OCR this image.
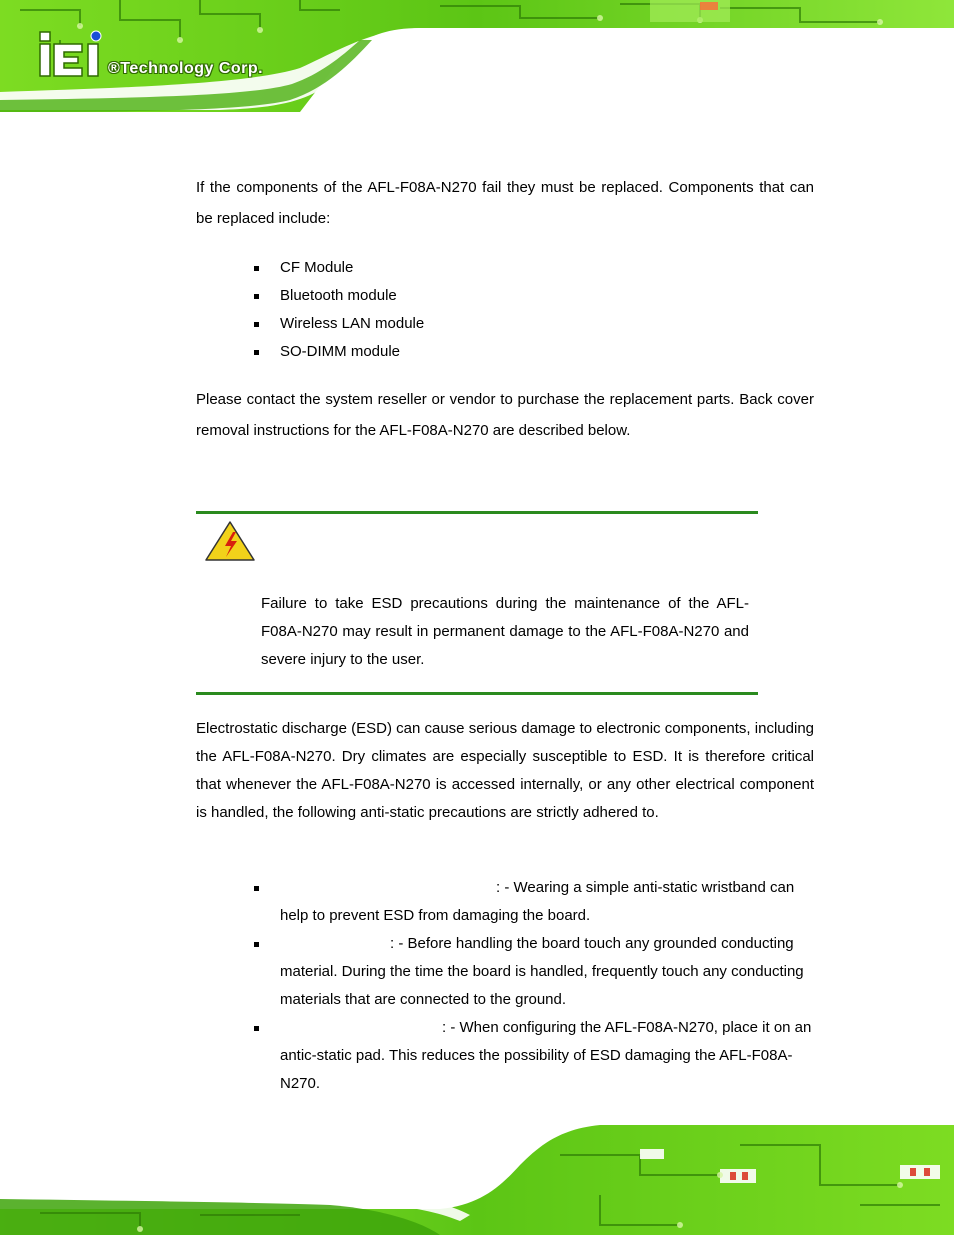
®Technology Corp.

If the components of the AFL-F08A-N270 fail they must be replaced. Components that can be replaced include:

CF Module
Bluetooth module
Wireless LAN module
SO-DIMM module

Please contact the system reseller or vendor to purchase the replacement parts. Back cover removal instructions for the AFL-F08A-N270 are described below.

Failure to take ESD precautions during the maintenance of the AFL-F08A-N270 may result in permanent damage to the AFL-F08A-N270 and severe injury to the user.

Electrostatic discharge (ESD) can cause serious damage to electronic components, including the AFL-F08A-N270. Dry climates are especially susceptible to ESD. It is therefore critical that whenever the AFL-F08A-N270 is accessed internally, or any other electrical component is handled, the following anti-static precautions are strictly adhered to.

: - Wearing a simple anti-static wristband can help to prevent ESD from damaging the board.
: - Before handling the board touch any grounded conducting material. During the time the board is handled, frequently touch any conducting materials that are connected to the ground.
: - When configuring the AFL-F08A-N270, place it on an antic-static pad. This reduces the possibility of ESD damaging the AFL-F08A-N270.
